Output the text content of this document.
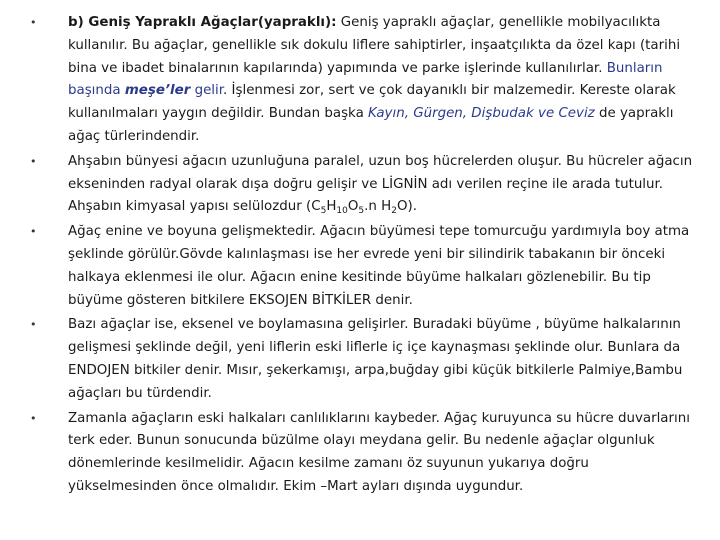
• b) Geniş Yapraklı Ağaçlar(yapraklı): Geniş yapraklı ağaçlar, genellikle mobilyacılıkta kullanılır. Bu ağaçlar, genellikle sık dokulu liflere sahiptirler, inşaatçılıkta da özel kapı (tarihi bina ve ibadet binalarının kapılarında) yapımında ve parke işlerinde kullanılırlar. Bunların başında meşe’ler gelir. İşlenmesi zor, sert ve çok dayanıklı bir malzemedir. Kereste olarak kullanılmaları yaygın değildir. Bundan başka Kayın, Gürgen, Dişbudak ve Ceviz de yapraklı ağaç türlerindendir.
• Ahşabın bünyesi ağacın uzunluğuna paralel, uzun boş hücrelerden oluşur. Bu hücreler ağacın ekseninden radyal olarak dışa doğru gelişir ve LİGNİN adı verilen reçine ile arada tutulur. Ahşabın kimyasal yapısı selülozdur ($C_5H_{10}O_5.n$ $H_2O$).
• Ağaç enine ve boyuna gelişmektedir. Ağacın büyümesi tepe tomurcuğu yardımıyla boy atma şeklinde görülür.Gövde kalınlaşması ise her evrede yeni bir silindirik tabakanın bir önceki halkaya eklenmesi ile olur. Ağacın enine kesitinde büyüme halkaları gözlenebilir. Bu tip büyüme gösteren bitkilere EKSOJEN BİTKİLER denir.
• Bazı ağaçlar ise, eksenel ve boylamasına gelişirler. Buradaki büyüme , büyüme halkalarının gelişmesi şeklinde değil, yeni liflerin eski liflerle iç içe kaynaşması şeklinde olur. Bunlara da ENDOJEN bitkiler denir. Mısır, şekerkamışı, arpa,buğday gibi küçük bitkilerle Palmiye,Bambu ağaçları bu türdendir.
• Zamanla ağaçların eski halkaları canlılıklarını kaybeder. Ağaç kuruyunca su hücre duvarlarını terk eder. Bunun sonucunda büzülme olayı meydana gelir. Bu nedenle ağaçlar olgunluk dönemlerinde kesilmelidir. Ağacın kesilme zamanı öz suyunun yukarıya doğru yükselmesinden önce olmalıdır. Ekim –Mart ayları dışında uygundur.
